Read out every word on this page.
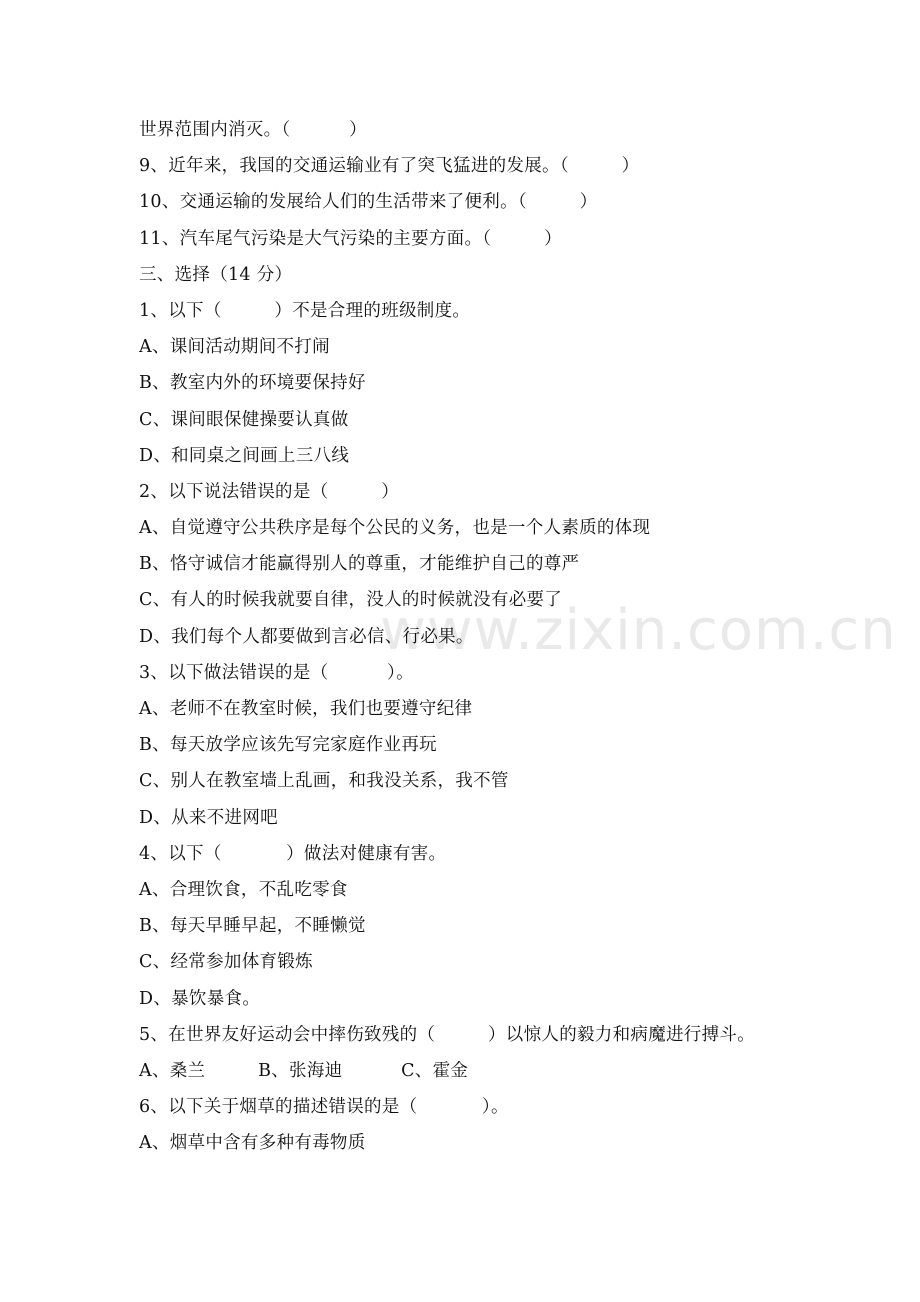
www.zixin.com.cn
世界范围内消灭。（          ）
9、近年来，我国的交通运输业有了突飞猛进的发展。（         ）
10、交通运输的发展给人们的生活带来了便利。（         ）
11、汽车尾气污染是大气污染的主要方面。（         ）
三、选择（14 分）
1、以下（         ）不是合理的班级制度。
A、课间活动期间不打闹
B、教室内外的环境要保持好
C、课间眼保健操要认真做
D、和同桌之间画上三八线
2、以下说法错误的是（         ）
A、自觉遵守公共秩序是每个公民的义务，也是一个人素质的体现
B、恪守诚信才能赢得别人的尊重，才能维护自己的尊严
C、有人的时候我就要自律，没人的时候就没有必要了
D、我们每个人都要做到言必信、行必果。
3、以下做法错误的是（          ）。
A、老师不在教室时候，我们也要遵守纪律
B、每天放学应该先写完家庭作业再玩
C、别人在教室墙上乱画，和我没关系，我不管
D、从来不进网吧
4、以下（           ）做法对健康有害。
A、合理饮食，不乱吃零食
B、每天早睡早起，不睡懒觉
C、经常参加体育锻炼
D、暴饮暴食。
5、在世界友好运动会中摔伤致残的（         ）以惊人的毅力和病魔进行搏斗。
A、桑兰         B、张海迪          C、霍金
6、以下关于烟草的描述错误的是（           ）。
A、烟草中含有多种有毒物质
